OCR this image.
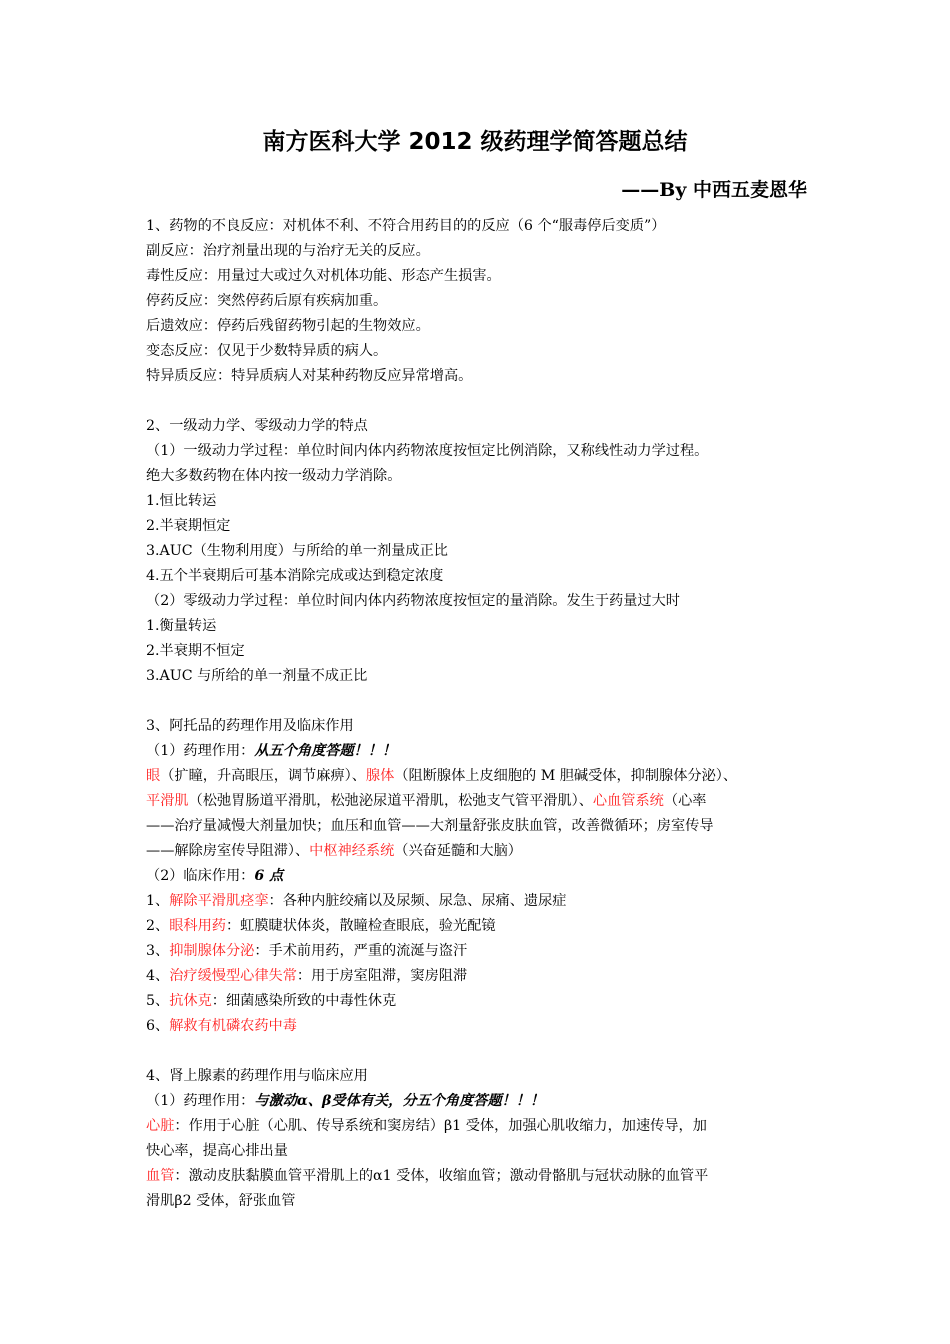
南方医科大学 2012 级药理学简答题总结
——By 中西五麦恩华
1、药物的不良反应：对机体不利、不符合用药目的的反应（6 个“服毒停后变质”）
副反应：治疗剂量出现的与治疗无关的反应。
毒性反应：用量过大或过久对机体功能、形态产生损害。
停药反应：突然停药后原有疾病加重。
后遗效应：停药后残留药物引起的生物效应。
变态反应：仅见于少数特异质的病人。
特异质反应：特异质病人对某种药物反应异常增高。
2、一级动力学、零级动力学的特点
（1）一级动力学过程：单位时间内体内药物浓度按恒定比例消除，又称线性动力学过程。
绝大多数药物在体内按一级动力学消除。
1.恒比转运
2.半衰期恒定
3.AUC（生物利用度）与所给的单一剂量成正比
4.五个半衰期后可基本消除完成或达到稳定浓度
（2）零级动力学过程：单位时间内体内药物浓度按恒定的量消除。发生于药量过大时
1.衡量转运
2.半衰期不恒定
3.AUC 与所给的单一剂量不成正比
3、阿托品的药理作用及临床作用
（1）药理作用：从五个角度答题！！！
眼（扩瞳，升高眼压，调节麻痹）、腺体（阻断腺体上皮细胞的 M 胆碱受体，抑制腺体分泌）、
平滑肌（松弛胃肠道平滑肌，松弛泌尿道平滑肌，松弛支气管平滑肌）、心血管系统（心率
——治疗量减慢大剂量加快；血压和血管——大剂量舒张皮肤血管，改善微循环；房室传导
——解除房室传导阻滞）、中枢神经系统（兴奋延髓和大脑）
（2）临床作用：6 点
1、解除平滑肌痉挛：各种内脏绞痛以及尿频、尿急、尿痛、遗尿症
2、眼科用药：虹膜睫状体炎，散瞳检查眼底，验光配镜
3、抑制腺体分泌：手术前用药，严重的流涎与盗汗
4、治疗缓慢型心律失常：用于房室阻滞，窦房阻滞
5、抗休克：细菌感染所致的中毒性休克
6、解救有机磷农药中毒
4、肾上腺素的药理作用与临床应用
（1）药理作用：与激动α、β受体有关，分五个角度答题！！！
心脏：作用于心脏（心肌、传导系统和窦房结）β1 受体，加强心肌收缩力，加速传导，加
快心率，提高心排出量
血管：激动皮肤黏膜血管平滑肌上的α1 受体，收缩血管；激动骨骼肌与冠状动脉的血管平
滑肌β2 受体，舒张血管
